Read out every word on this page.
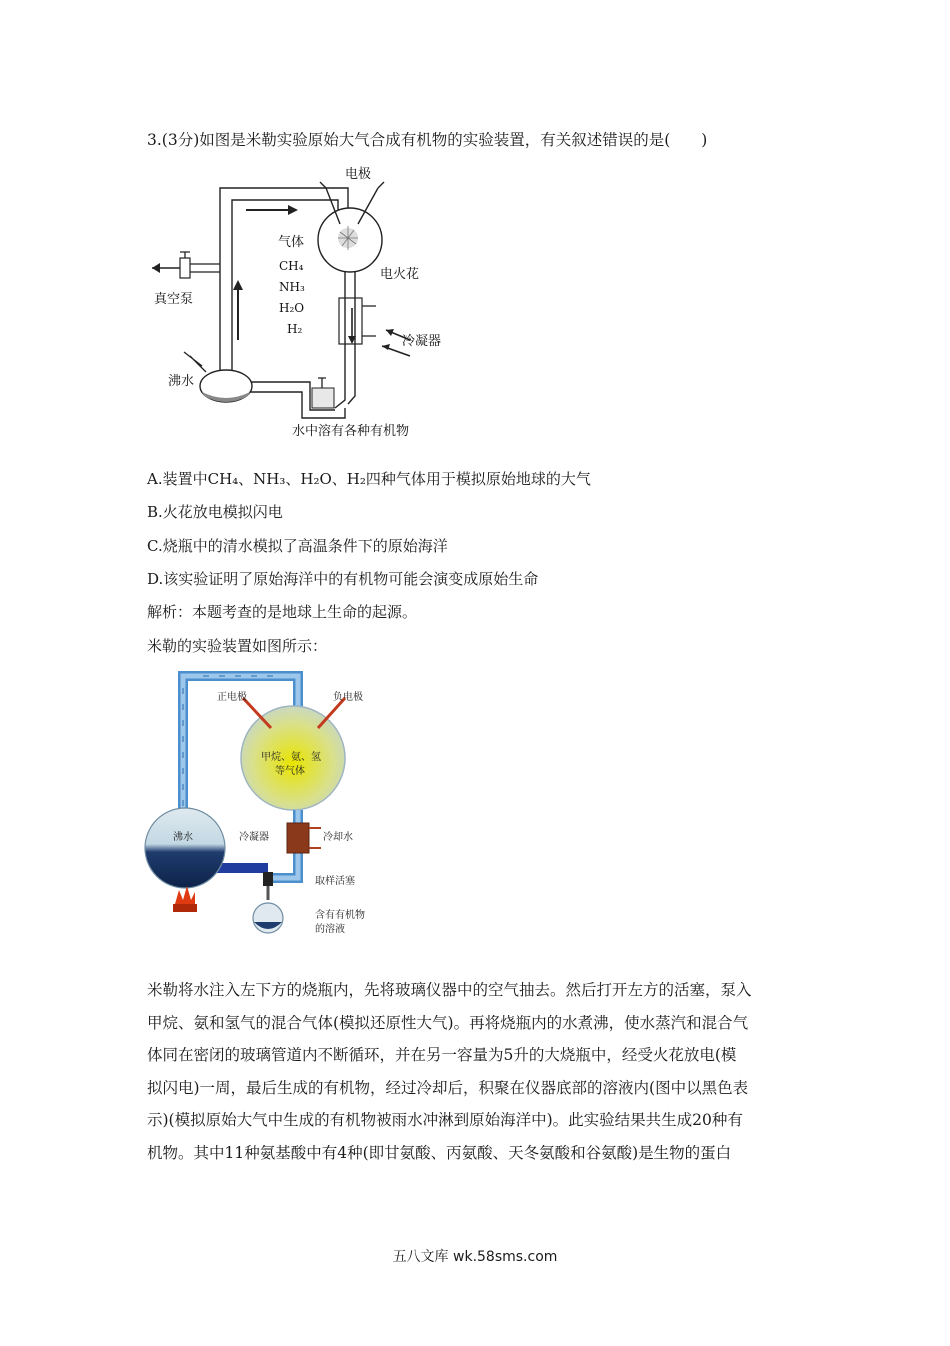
3.(3分)如图是米勒实验原始大气合成有机物的实验装置，有关叙述错误的是(　　)
电极
气体
CH₄
NH₃
H₂O
H₂
电火花
真空泵
冷凝器
沸水
水中溶有各种有机物
A.装置中CH₄、NH₃、H₂O、H₂四种气体用于模拟原始地球的大气
B.火花放电模拟闪电
C.烧瓶中的清水模拟了高温条件下的原始海洋
D.该实验证明了原始海洋中的有机物可能会演变成原始生命
解析：本题考查的是地球上生命的起源。
米勒的实验装置如图所示：
正电极	负电极
甲烷、氨、氢
等气体
冷凝器	冷却水
沸水
取样活塞
含有有机物
的溶液

米勒将水注入左下方的烧瓶内，先将玻璃仪器中的空气抽去。然后打开左方的活塞，泵入

甲烷、氨和氢气的混合气体(模拟还原性大气)。再将烧瓶内的水煮沸，使水蒸汽和混合气

体同在密闭的玻璃管道内不断循环，并在另一容量为5升的大烧瓶中，经受火花放电(模

拟闪电)一周，最后生成的有机物，经过冷却后，积聚在仪器底部的溶液内(图中以黑色表

示)(模拟原始大气中生成的有机物被雨水冲淋到原始海洋中)。此实验结果共生成20种有

机物。其中11种氨基酸中有4种(即甘氨酸、丙氨酸、天冬氨酸和谷氨酸)是生物的蛋白

五八文库 wk.58sms.com
